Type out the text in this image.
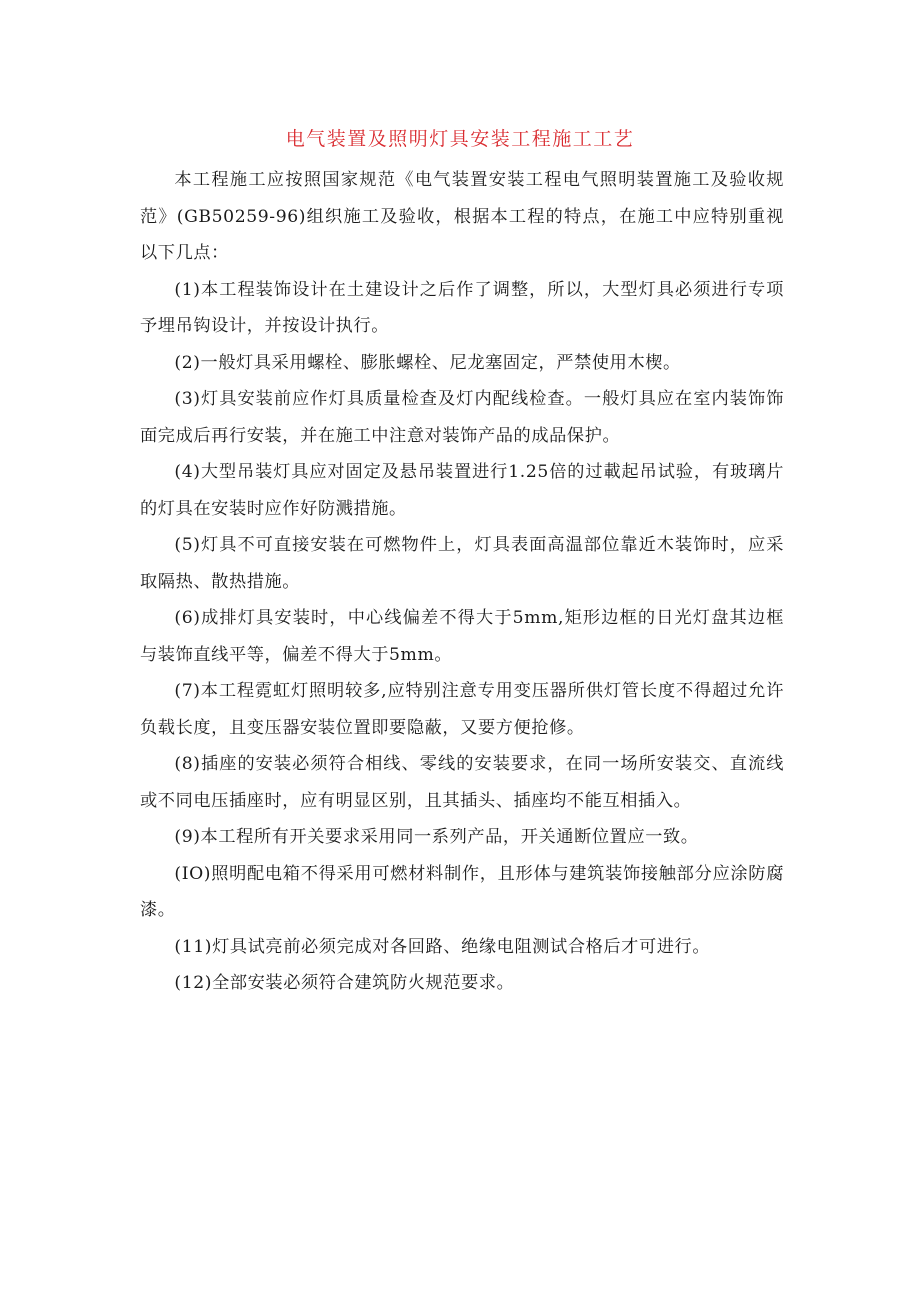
电气装置及照明灯具安装工程施工工艺

本工程施工应按照国家规范《电气装置安装工程电气照明装置施工及验收规范》(GB50259-96)组织施工及验收，根据本工程的特点，在施工中应特别重视以下几点：

(1)本工程装饰设计在土建设计之后作了调整，所以，大型灯具必须进行专项予埋吊钩设计，并按设计执行。

(2)一般灯具采用螺栓、膨胀螺栓、尼龙塞固定，严禁使用木楔。

(3)灯具安装前应作灯具质量检查及灯内配线检查。一般灯具应在室内装饰饰面完成后再行安装，并在施工中注意对装饰产品的成品保护。

(4)大型吊装灯具应对固定及悬吊装置进行1.25倍的过載起吊试验，有玻璃片的灯具在安装时应作好防溅措施。

(5)灯具不可直接安装在可燃物件上，灯具表面高温部位靠近木装饰时，应采取隔热、散热措施。

(6)成排灯具安装时，中心线偏差不得大于5mm,矩形边框的日光灯盘其边框与装饰直线平等，偏差不得大于5mm。

(7)本工程霓虹灯照明较多,应特别注意专用变压器所供灯管长度不得超过允许负载长度，且变压器安装位置即要隐蔽，又要方便抢修。

(8)插座的安装必须符合相线、零线的安装要求，在同一场所安装交、直流线或不同电压插座时，应有明显区别，且其插头、插座均不能互相插入。

(9)本工程所有开关要求采用同一系列产品，开关通断位置应一致。

(IO)照明配电箱不得采用可燃材料制作，且形体与建筑装饰接触部分应涂防腐漆。

(11)灯具试亮前必须完成对各回路、绝缘电阻测试合格后才可进行。

(12)全部安装必须符合建筑防火规范要求。
